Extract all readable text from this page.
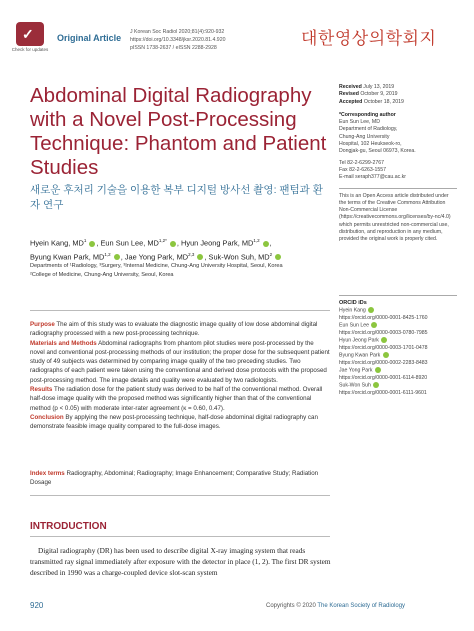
✓
Check for updates
Original Article
J Korean Soc Radiol 2020;81(4):920-932
https://doi.org/10.3348/jksr.2020.81.4.920
pISSN 1738-2637 / eISSN 2288-2928	대한영상의학회지
Abdominal Digital Radiography with a Novel Post-Processing Technique: Phantom and Patient Studies
새로운 후처리 기술을 이용한 복부 디지털 방사선 촬영: 팬텀과 환자 연구
Hyein Kang, $MD^1$ , Eun Sun Lee, $MD^{1,2*}$ , Hyun Jeong Park, MD$^{1,2}$ ,
Byung Kwan Park, MD$^{1,2}$ , Jae Yong Park, MD$^{2,3}$ , Suk-Won Suh, $MD^2$
Departments of ¹Radiology, ³Surgery, ³Internal Medicine, Chung-Ang University Hospital, Seoul, Korea
²College of Medicine, Chung-Ang University, Seoul, Korea
Purpose The aim of this study was to evaluate the diagnostic image quality of low dose abdominal digital radiography processed with a new post-processing technique.
Materials and Methods Abdominal radiographs from phantom pilot studies were post-processed by the novel and conventional post-processing methods of our institution; the proper dose for the subsequent patient study of 49 subjects was determined by comparing image quality of the two preceding studies. Two radiographs of each patient were taken using the conventional and derived dose protocols with the proposed post-processing method. The image details and quality were evaluated by two radiologists.
Results The radiation dose for the patient study was derived to be half of the conventional method. Overall half-dose image quality with the proposed method was significantly higher than that of the conventional method (p < 0.05) with moderate inter-rater agreement (κ = 0.60, 0.47).
Conclusion By applying the new post-processing technique, half-dose abdominal digital radiography can demonstrate feasible image quality compared to the full-dose images.
Index terms Radiography, Abdominal; Radiography; Image Enhancement; Comparative Study; Radiation Dosage
INTRODUCTION
Digital radiography (DR) has been used to describe digital X-ray imaging system that reads transmitted ray signal immediately after exposure with the detector in place (1, 2). The first DR system described in 1990 was a charge-coupled device slot-scan system
Received July 13, 2019
Revised October 9, 2019
Accepted October 18, 2019
*Corresponding author
Eun Sun Lee, MD
Department of Radiology,
Chung-Ang University
Hospital, 102 Heukseok-ro,
Dongjak-gu, Seoul 06973, Korea.
Tel 82-2-6299-2767
Fax 82-2-6263-1557
E-mail seraph377@cau.ac.kr
This is an Open Access article distributed under the terms of the Creative Commons Attribution Non-Commercial License (https://creativecommons.org/licenses/by-nc/4.0) which permits unrestricted non-commercial use, distribution, and reproduction in any medium, provided the original work is properly cited.
ORCID iDs
Hyein Kang
https://orcid.org/0000-0001-8425-1760
Eun Sun Lee
https://orcid.org/0000-0003-0780-7985
Hyun Jeong Park
https://orcid.org/0000-0003-1701-0478
Byung Kwan Park
https://orcid.org/0000-0002-2283-8483
Jae Yong Park
https://orcid.org/0000-0001-6114-8920
Suk-Won Suh
https://orcid.org/0000-0001-6111-9601
920	Copyrights © 2020 The Korean Society of Radiology
